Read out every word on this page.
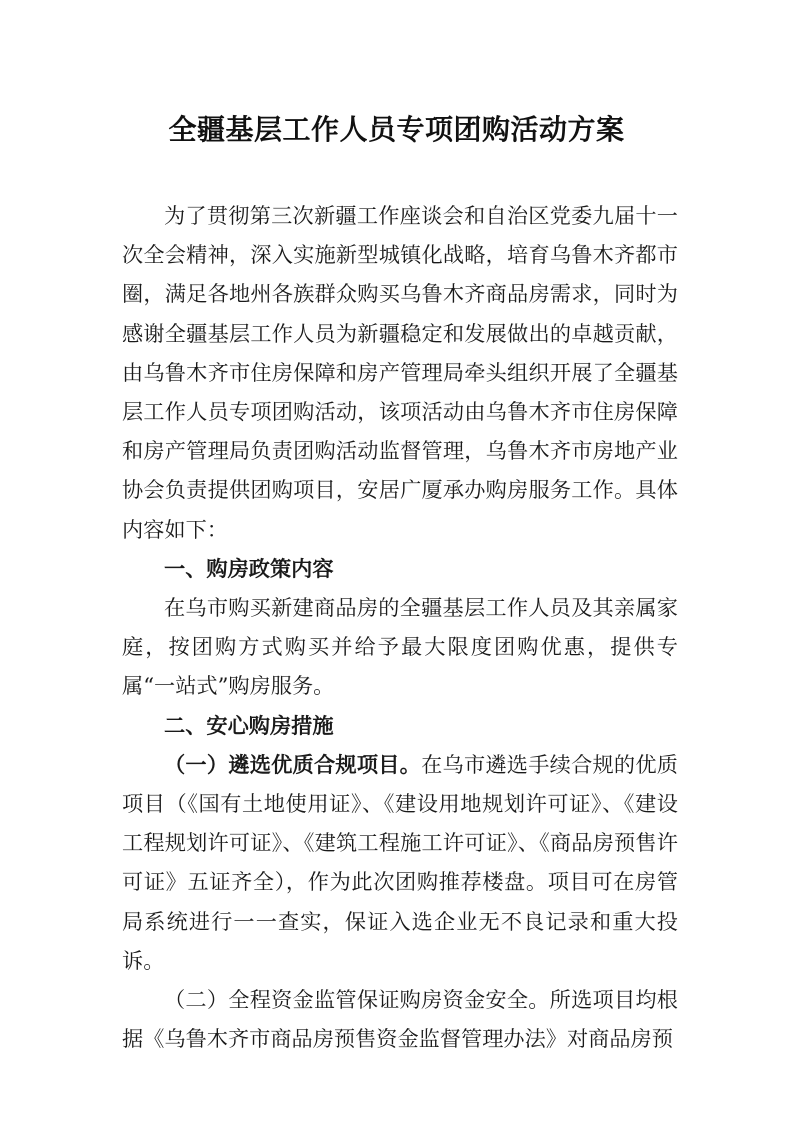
全疆基层工作人员专项团购活动方案

为了贯彻第三次新疆工作座谈会和自治区党委九届十一次全会精神，深入实施新型城镇化战略，培育乌鲁木齐都市圈，满足各地州各族群众购买乌鲁木齐商品房需求，同时为感谢全疆基层工作人员为新疆稳定和发展做出的卓越贡献，由乌鲁木齐市住房保障和房产管理局牵头组织开展了全疆基层工作人员专项团购活动，该项活动由乌鲁木齐市住房保障和房产管理局负责团购活动监督管理，乌鲁木齐市房地产业协会负责提供团购项目，安居广厦承办购房服务工作。具体内容如下：

一、购房政策内容

在乌市购买新建商品房的全疆基层工作人员及其亲属家庭，按团购方式购买并给予最大限度团购优惠，提供专属“一站式”购房服务。

二、安心购房措施

（一）遴选优质合规项目。在乌市遴选手续合规的优质项目（《国有土地使用证》、《建设用地规划许可证》、《建设工程规划许可证》、《建筑工程施工许可证》、《商品房预售许可证》五证齐全），作为此次团购推荐楼盘。项目可在房管局系统进行一一查实，保证入选企业无不良记录和重大投诉。

（二）全程资金监管保证购房资金安全。所选项目均根据《乌鲁木齐市商品房预售资金监督管理办法》对商品房预
